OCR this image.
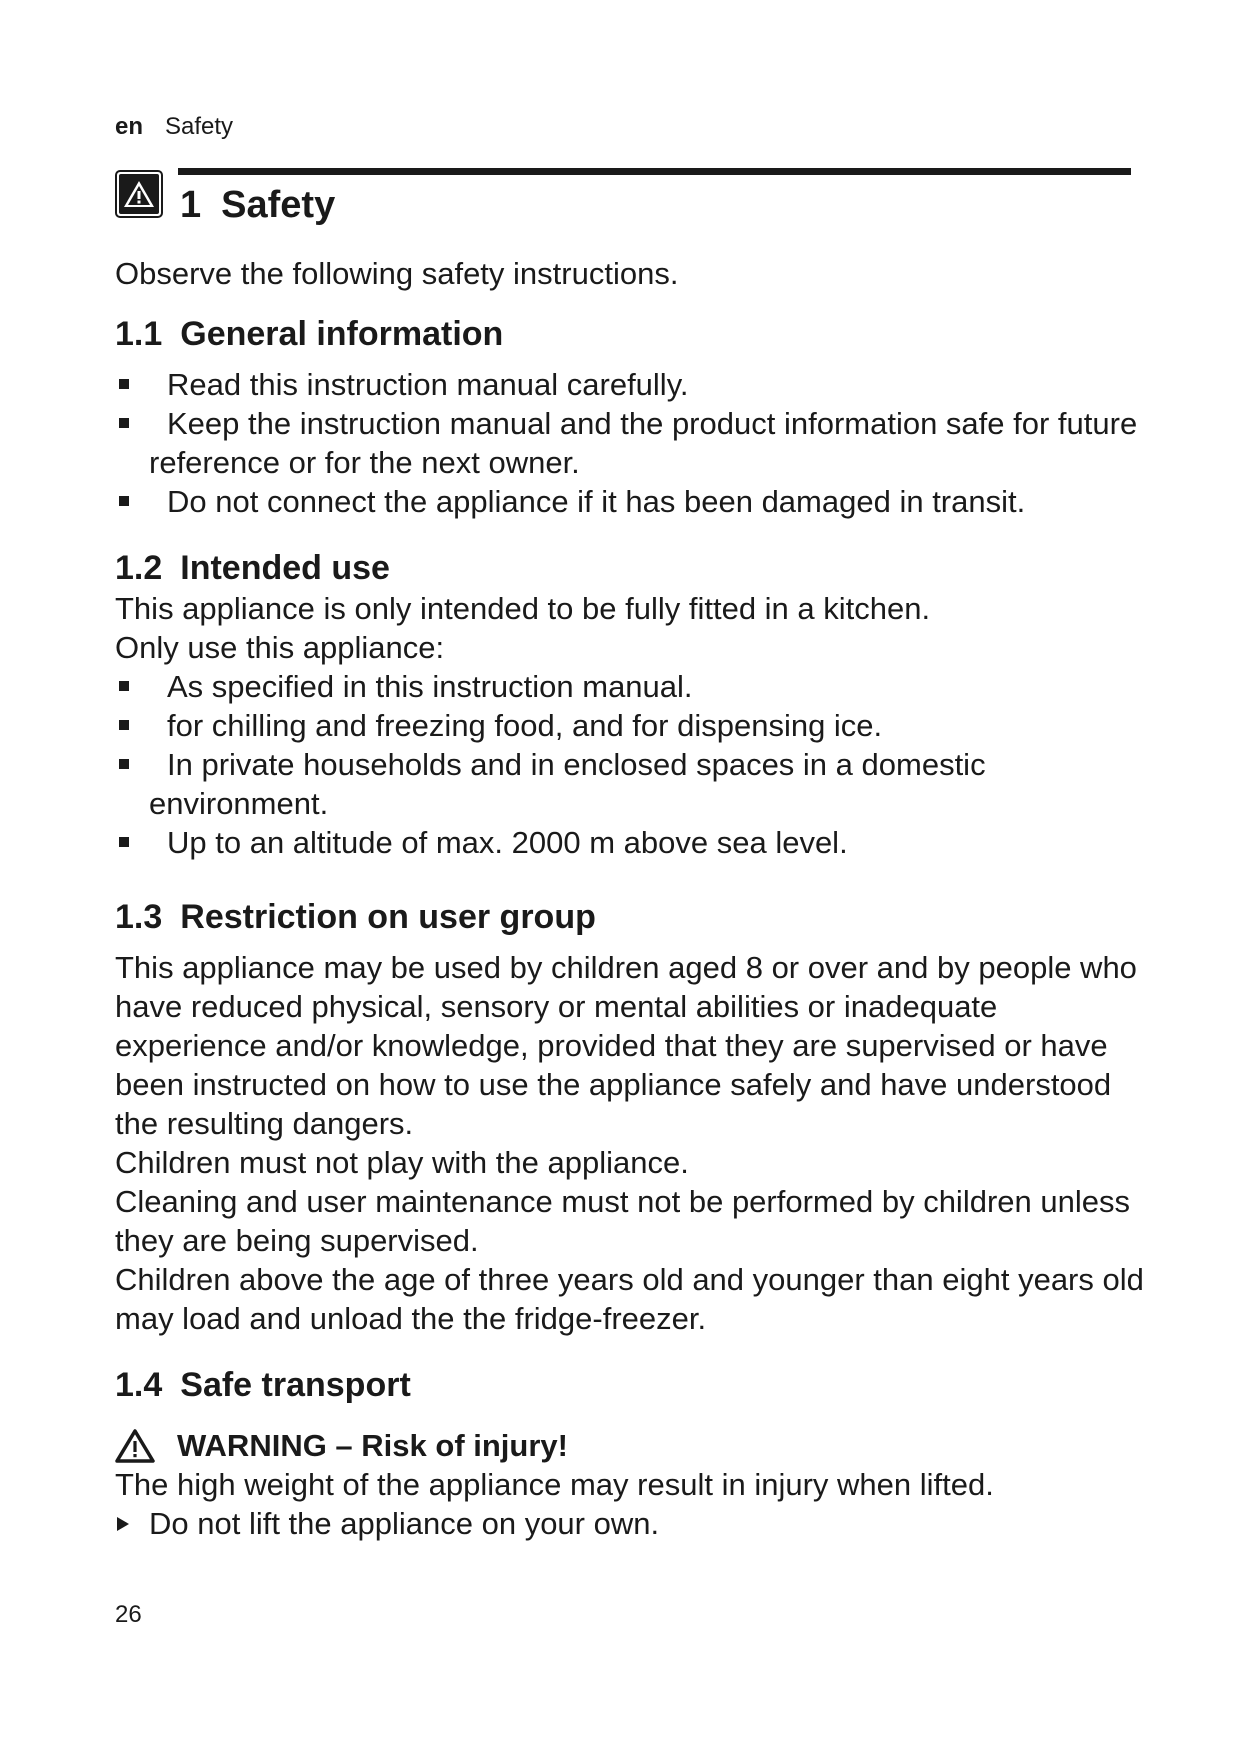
en Safety
1 Safety

Observe the following safety instructions.

1.1 General information
Read this instruction manual carefully.
Keep the instruction manual and the product information safe for future reference or for the next owner.
Do not connect the appliance if it has been damaged in transit.
1.2 Intended use

This appliance is only intended to be fully fitted in a kitchen.

Only use this appliance:

As specified in this instruction manual.
for chilling and freezing food, and for dispensing ice.
In private households and in enclosed spaces in a domestic environment.
Up to an altitude of max. 2000 m above sea level.
1.3 Restriction on user group

This appliance may be used by children aged 8 or over and by people who have reduced physical, sensory or mental abilities or inadequate experience and/or knowledge, provided that they are supervised or have been instructed on how to use the appliance safely and have understood the resulting dangers.

Children must not play with the appliance.

Cleaning and user maintenance must not be performed by children unless they are being supervised.

Children above the age of three years old and younger than eight years old may load and unload the the fridge-freezer.

1.4 Safe transport
WARNING – Risk of injury!

The high weight of the appliance may result in injury when lifted.

Do not lift the appliance on your own.

26
